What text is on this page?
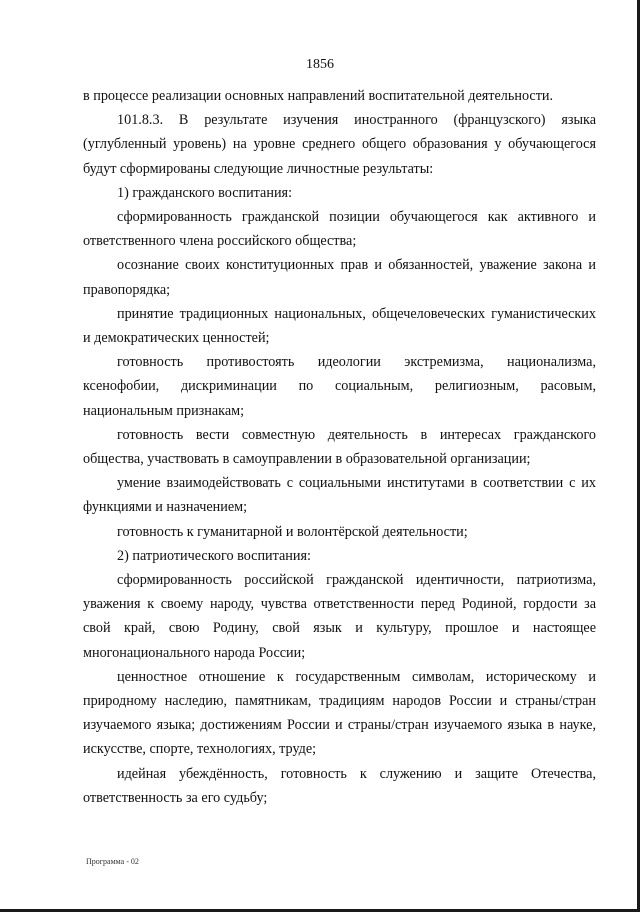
1856

в процессе реализации основных направлений воспитательной деятельности.

101.8.3. В результате изучения иностранного (французского) языка (углубленный уровень) на уровне среднего общего образования у обучающегося будут сформированы следующие личностные результаты:

1) гражданского воспитания:

сформированность гражданской позиции обучающегося как активного и ответственного члена российского общества;

осознание своих конституционных прав и обязанностей, уважение закона и правопорядка;

принятие традиционных национальных, общечеловеческих гуманистических и демократических ценностей;

готовность противостоять идеологии экстремизма, национализма, ксенофобии, дискриминации по социальным, религиозным, расовым, национальным признакам;

готовность вести совместную деятельность в интересах гражданского общества, участвовать в самоуправлении в образовательной организации;

умение взаимодействовать с социальными институтами в соответствии с их функциями и назначением;

готовность к гуманитарной и волонтёрской деятельности;

2) патриотического воспитания:

сформированность российской гражданской идентичности, патриотизма, уважения к своему народу, чувства ответственности перед Родиной, гордости за свой край, свою Родину, свой язык и культуру, прошлое и настоящее многонационального народа России;

ценностное отношение к государственным символам, историческому и природному наследию, памятникам, традициям народов России и страны/стран изучаемого языка; достижениям России и страны/стран изучаемого языка в науке, искусстве, спорте, технологиях, труде;

идейная убеждённость, готовность к служению и защите Отечества, ответственность за его судьбу;

Программа - 02
